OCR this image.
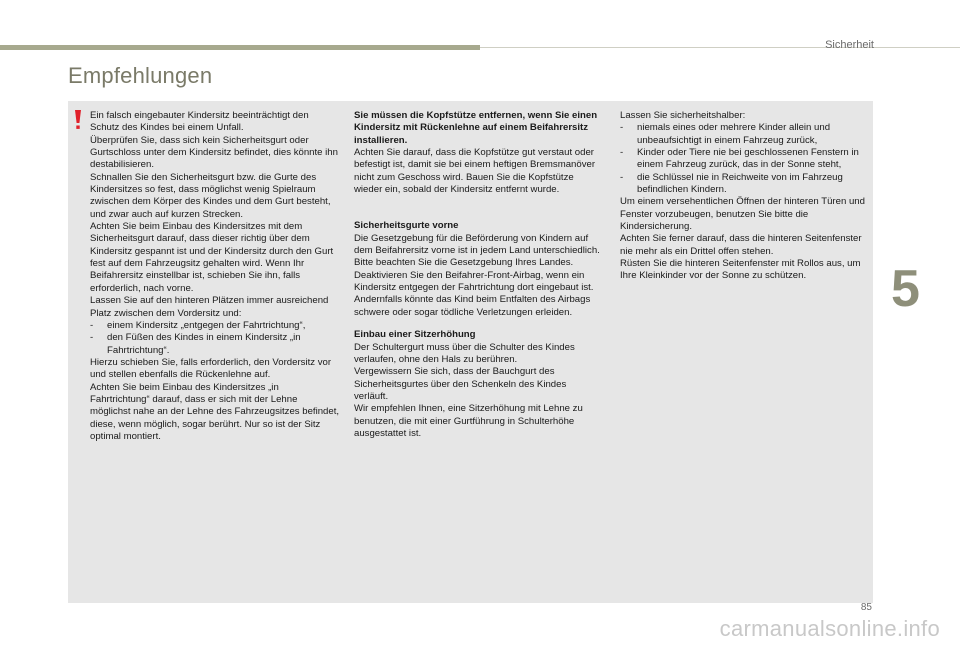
Sicherheit
Empfehlungen

Ein falsch eingebauter Kindersitz beeinträchtigt den Schutz des Kindes bei einem Unfall.

Überprüfen Sie, dass sich kein Sicherheitsgurt oder Gurtschloss unter dem Kindersitz befindet, dies könnte ihn destabilisieren.

Schnallen Sie den Sicherheitsgurt bzw. die Gurte des Kindersitzes so fest, dass möglichst wenig Spielraum zwischen dem Körper des Kindes und dem Gurt besteht, und zwar auch auf kurzen Strecken.

Achten Sie beim Einbau des Kindersitzes mit dem Sicherheitsgurt darauf, dass dieser richtig über dem Kindersitz gespannt ist und der Kindersitz durch den Gurt fest auf dem Fahrzeugsitz gehalten wird. Wenn Ihr Beifahrersitz einstellbar ist, schieben Sie ihn, falls erforderlich, nach vorne.

Lassen Sie auf den hinteren Plätzen immer ausreichend Platz zwischen dem Vordersitz und:

- einem Kindersitz „entgegen der Fahrtrichtung“,
- den Füßen des Kindes in einem Kindersitz „in Fahrtrichtung“.

Hierzu schieben Sie, falls erforderlich, den Vordersitz vor und stellen ebenfalls die Rückenlehne auf.

Achten Sie beim Einbau des Kindersitzes „in Fahrtrichtung“ darauf, dass er sich mit der Lehne möglichst nahe an der Lehne des Fahrzeugsitzes befindet, diese, wenn möglich, sogar berührt. Nur so ist der Sitz optimal montiert.

Sie müssen die Kopfstütze entfernen, wenn Sie einen Kindersitz mit Rückenlehne auf einem Beifahrersitz installieren.

Achten Sie darauf, dass die Kopfstütze gut verstaut oder befestigt ist, damit sie bei einem heftigen Bremsmanöver nicht zum Geschoss wird. Bauen Sie die Kopfstütze wieder ein, sobald der Kindersitz entfernt wurde.

Sicherheitsgurte vorne

Die Gesetzgebung für die Beförderung von Kindern auf dem Beifahrersitz vorne ist in jedem Land unterschiedlich. Bitte beachten Sie die Gesetzgebung Ihres Landes.

Deaktivieren Sie den Beifahrer-Front-Airbag, wenn ein Kindersitz entgegen der Fahrtrichtung dort eingebaut ist.

Andernfalls könnte das Kind beim Entfalten des Airbags schwere oder sogar tödliche Verletzungen erleiden.

Einbau einer Sitzerhöhung

Der Schultergurt muss über die Schulter des Kindes verlaufen, ohne den Hals zu berühren.

Vergewissern Sie sich, dass der Bauchgurt des Sicherheitsgurtes über den Schenkeln des Kindes verläuft.

Wir empfehlen Ihnen, eine Sitzerhöhung mit Lehne zu benutzen, die mit einer Gurtführung in Schulterhöhe ausgestattet ist.

Lassen Sie sicherheitshalber:

- niemals eines oder mehrere Kinder allein und unbeaufsichtigt in einem Fahrzeug zurück,
- Kinder oder Tiere nie bei geschlossenen Fenstern in einem Fahrzeug zurück, das in der Sonne steht,
- die Schlüssel nie in Reichweite von im Fahrzeug befindlichen Kindern.

Um einem versehentlichen Öffnen der hinteren Türen und Fenster vorzubeugen, benutzen Sie bitte die Kindersicherung.

Achten Sie ferner darauf, dass die hinteren Seitenfenster nie mehr als ein Drittel offen stehen.

Rüsten Sie die hinteren Seitenfenster mit Rollos aus, um Ihre Kleinkinder vor der Sonne zu schützen.	5
85
carmanualsonline.info
